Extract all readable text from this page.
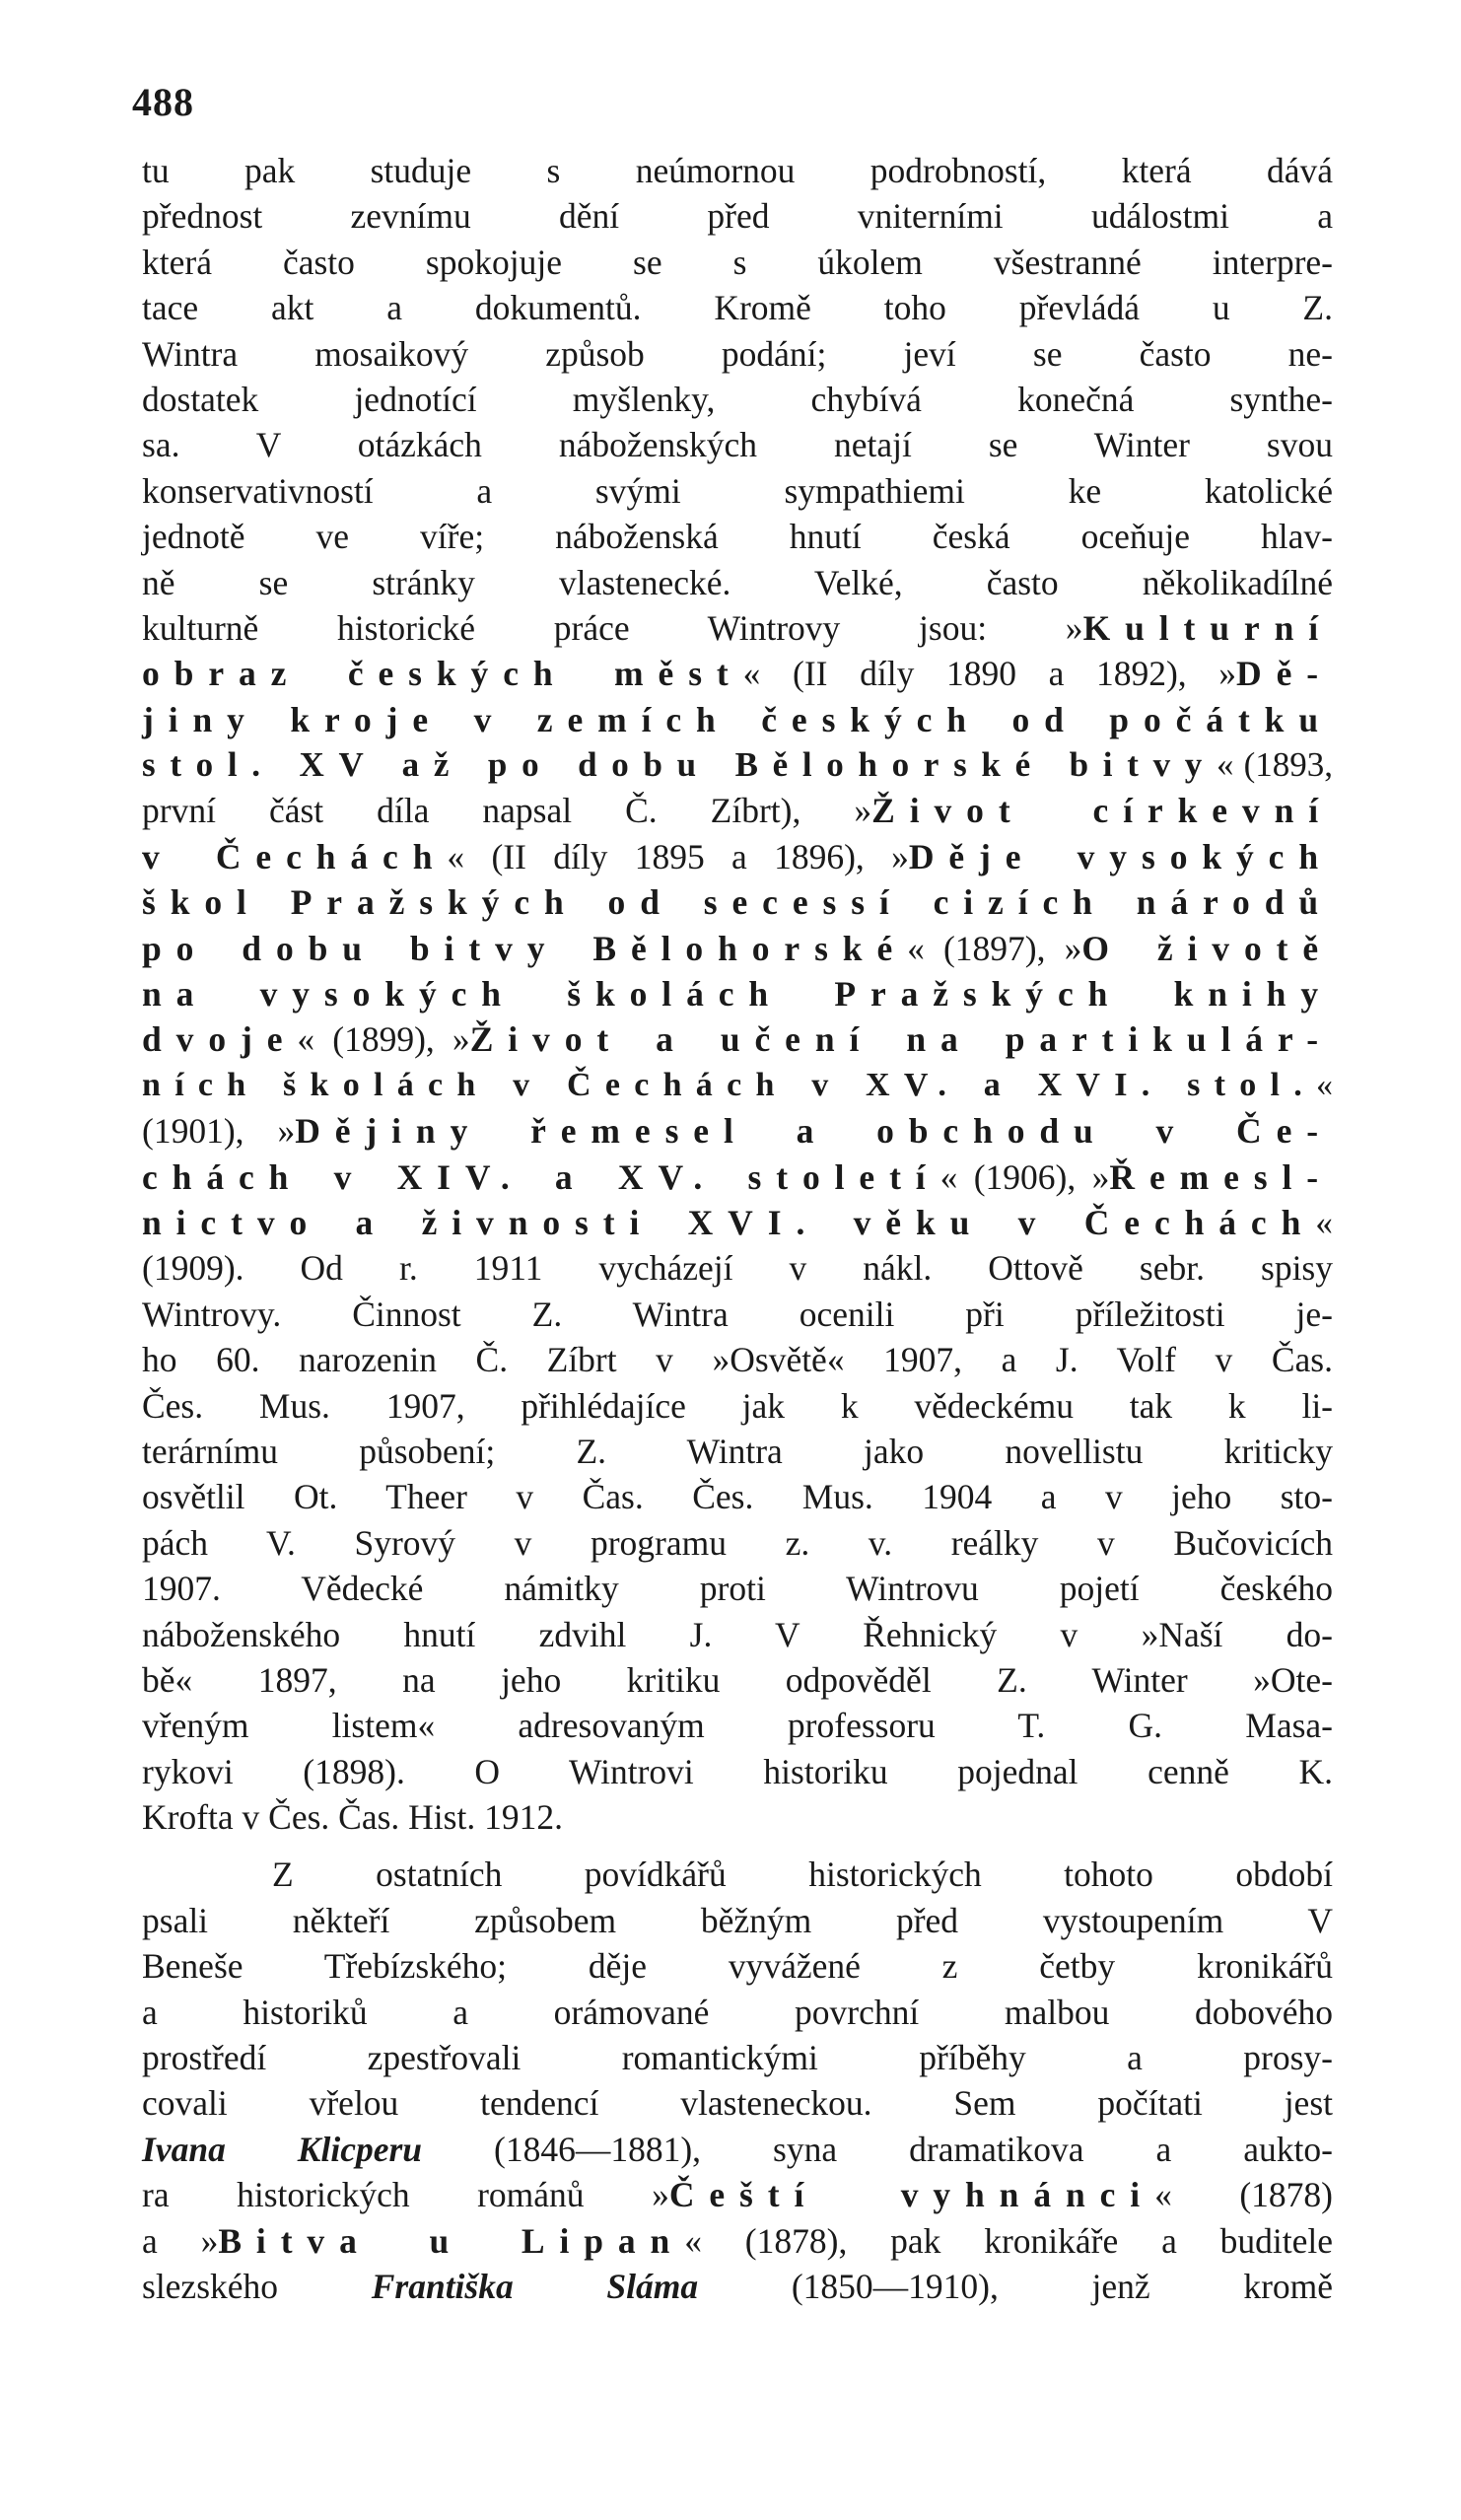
488
tu pak studuje s neúmornou podrobností, která dává
přednost zevnímu dění před vniterními událostmi a
která často spokojuje se s úkolem všestranné interpre-
tace akt a dokumentů. Kromě toho převládá u Z.
Wintra mosaikový způsob podání; jeví se často ne-
dostatek jednotící myšlenky, chybívá konečná synthe-
sa. V otázkách náboženských netají se Winter svou
konservativností a svými sympathiemi ke katolické
jednotě ve víře; náboženská hnutí česká oceňuje hlav-
ně se stránky vlastenecké. Velké, často několikadílné
kulturně historické práce Wintrovy jsou: »Kulturní
obraz českých měst« (II díly 1890 a 1892), »Dě-
jiny kroje v zemích českých od počátku
stol. XV až po dobu Bělohorské bitvy« (1893,
první část díla napsal Č. Zíbrt), »Život církevní
v Čechách« (II díly 1895 a 1896), »Děje vysokých
škol Pražských od secessí cizích národů
po dobu bitvy Bělohorské« (1897), »O životě
na vysokých školách Pražských knihy
dvoje« (1899), »Život a učení na partikulár-
ních školách v Čechách v XV. a XVI. stol.«
(1901), »Dějiny řemesel a obchodu v Če-
chách v XIV. a XV. století« (1906), »Řemesl-
nictvo a živnosti XVI. věku v Čechách«
(1909). Od r. 1911 vycházejí v nákl. Ottově sebr. spisy
Wintrovy. Činnost Z. Wintra ocenili při příležitosti je-
ho 60. narozenin Č. Zíbrt v »Osvětě« 1907, a J. Volf v Čas.
Čes. Mus. 1907, přihlédajíce jak k vědeckému tak k li-
terárnímu působení; Z. Wintra jako novellistu kriticky
osvětlil Ot. Theer v Čas. Čes. Mus. 1904 a v jeho sto-
pách V. Syrový v programu z. v. reálky v Bučovicích
1907. Vědecké námitky proti Wintrovu pojetí českého
náboženského hnutí zdvihl J. V Řehnický v »Naší do-
bě« 1897, na jeho kritiku odpověděl Z. Winter »Ote-
vřeným listem« adresovaným professoru T. G. Masa-
rykovi (1898). O Wintrovi historiku pojednal cenně K.
Krofta v Čes. Čas. Hist. 1912.
Z ostatních povídkářů historických tohoto období
psali někteří způsobem běžným před vystoupením V
Beneše Třebízského; děje vyvážené z četby kronikářů
a historiků a orámované povrchní malbou dobového
prostředí zpestřovali romantickými příběhy a prosy-
covali vřelou tendencí vlasteneckou. Sem počítati jest
Ivana Klicperu (1846—1881), syna dramatikova a aukto-
ra historických románů »Čeští vyhnánci« (1878)
a »Bitva u Lipan« (1878), pak kronikáře a buditele
slezského Františka Sláma (1850—1910), jenž kromě
